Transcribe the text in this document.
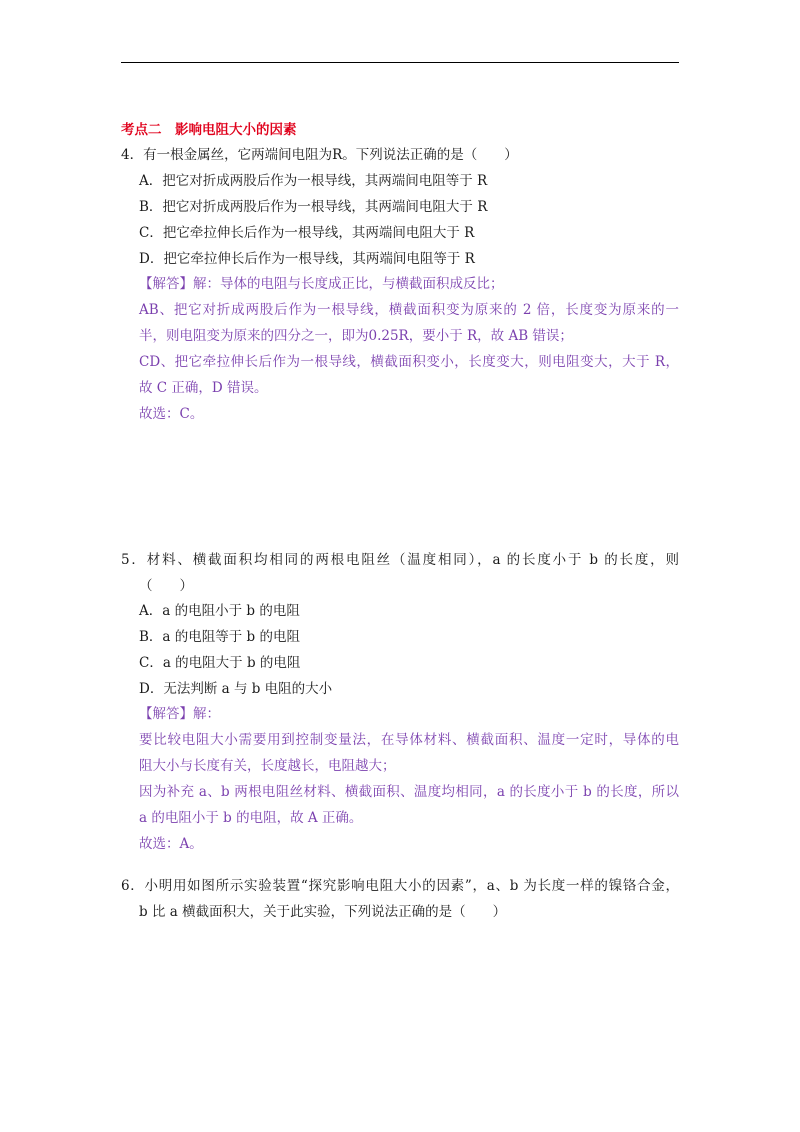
考点二　影响电阻大小的因素
4．有一根金属丝，它两端间电阻为R。下列说法正确的是（　　）
A．把它对折成两股后作为一根导线，其两端间电阻等于 R
B．把它对折成两股后作为一根导线，其两端间电阻大于 R
C．把它牵拉伸长后作为一根导线，其两端间电阻大于 R
D．把它牵拉伸长后作为一根导线，其两端间电阻等于 R
【解答】解：导体的电阻与长度成正比，与横截面积成反比；
AB、把它对折成两股后作为一根导线，横截面积变为原来的 2 倍，长度变为原来的一
半，则电阻变为原来的四分之一，即为0.25R，要小于 R，故 AB 错误；
CD、把它牵拉伸长后作为一根导线，横截面积变小，长度变大，则电阻变大，大于 R，
故 C 正确，D 错误。
故选：C。
5．材料、横截面积均相同的两根电阻丝（温度相同），a 的长度小于 b 的长度，则
（　　）
A．a 的电阻小于 b 的电阻
B．a 的电阻等于 b 的电阻
C．a 的电阻大于 b 的电阻
D．无法判断 a 与 b 电阻的大小
【解答】解：
要比较电阻大小需要用到控制变量法，在导体材料、横截面积、温度一定时，导体的电
阻大小与长度有关，长度越长，电阻越大；
因为补充 a、b 两根电阻丝材料、横截面积、温度均相同，a 的长度小于 b 的长度，所以
a 的电阻小于 b 的电阻，故 A 正确。
故选：A。
6．小明用如图所示实验装置“探究影响电阻大小的因素”，a、b 为长度一样的镍铬合金，
b 比 a 横截面积大，关于此实验，下列说法正确的是（　　）
